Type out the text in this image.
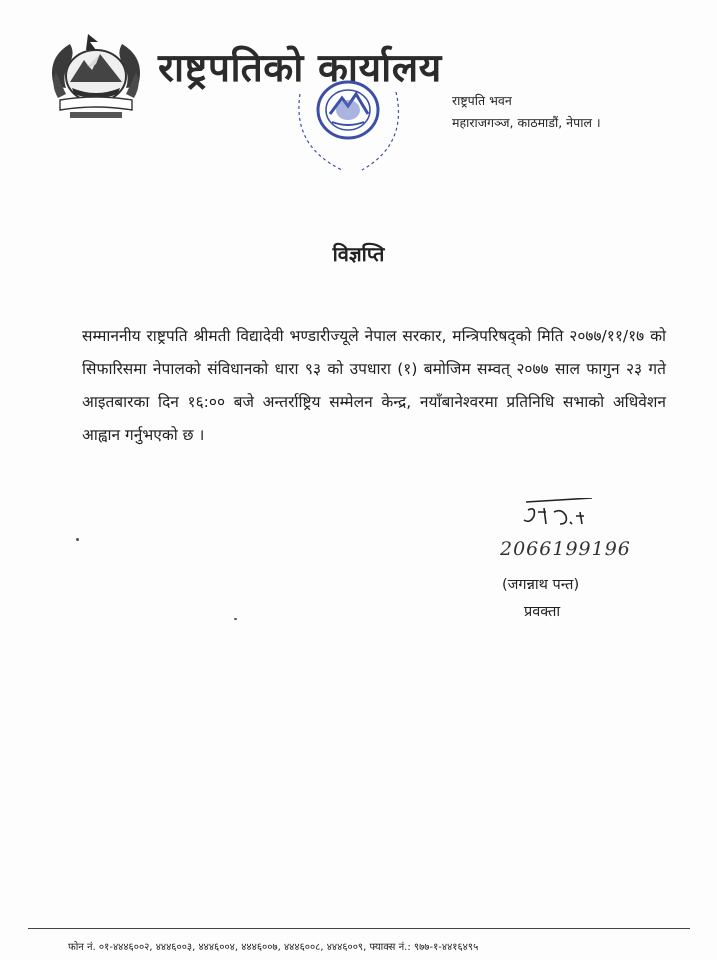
राष्ट्रपतिको कार्यालय
राष्ट्रपति भवन
महाराजगञ्ज, काठमाडौं, नेपाल ।
विज्ञप्ति
सम्माननीय राष्ट्रपति श्रीमती विद्यादेवी भण्डारीज्यूले नेपाल सरकार, मन्त्रिपरिषद्को मिति २०७७/११/१७ को सिफारिसमा नेपालको संविधानको धारा ९३ को उपधारा (१) बमोजिम सम्वत् २०७७ साल फागुन २३ गते आइतबारका दिन १६:०० बजे अन्तर्राष्ट्रिय सम्मेलन केन्द्र, नयाँबानेश्वरमा प्रतिनिधि सभाको अधिवेशन आह्वान गर्नुभएको छ ।
2066199196
(जगन्नाथ पन्त)
प्रवक्ता
फोन नं. ०१-४४४६००२, ४४४६००३, ४४४६००४, ४४४६००७, ४४४६००८, ४४४६००९, फ्याक्स नं.: ९७७-१-४४१६४९५
